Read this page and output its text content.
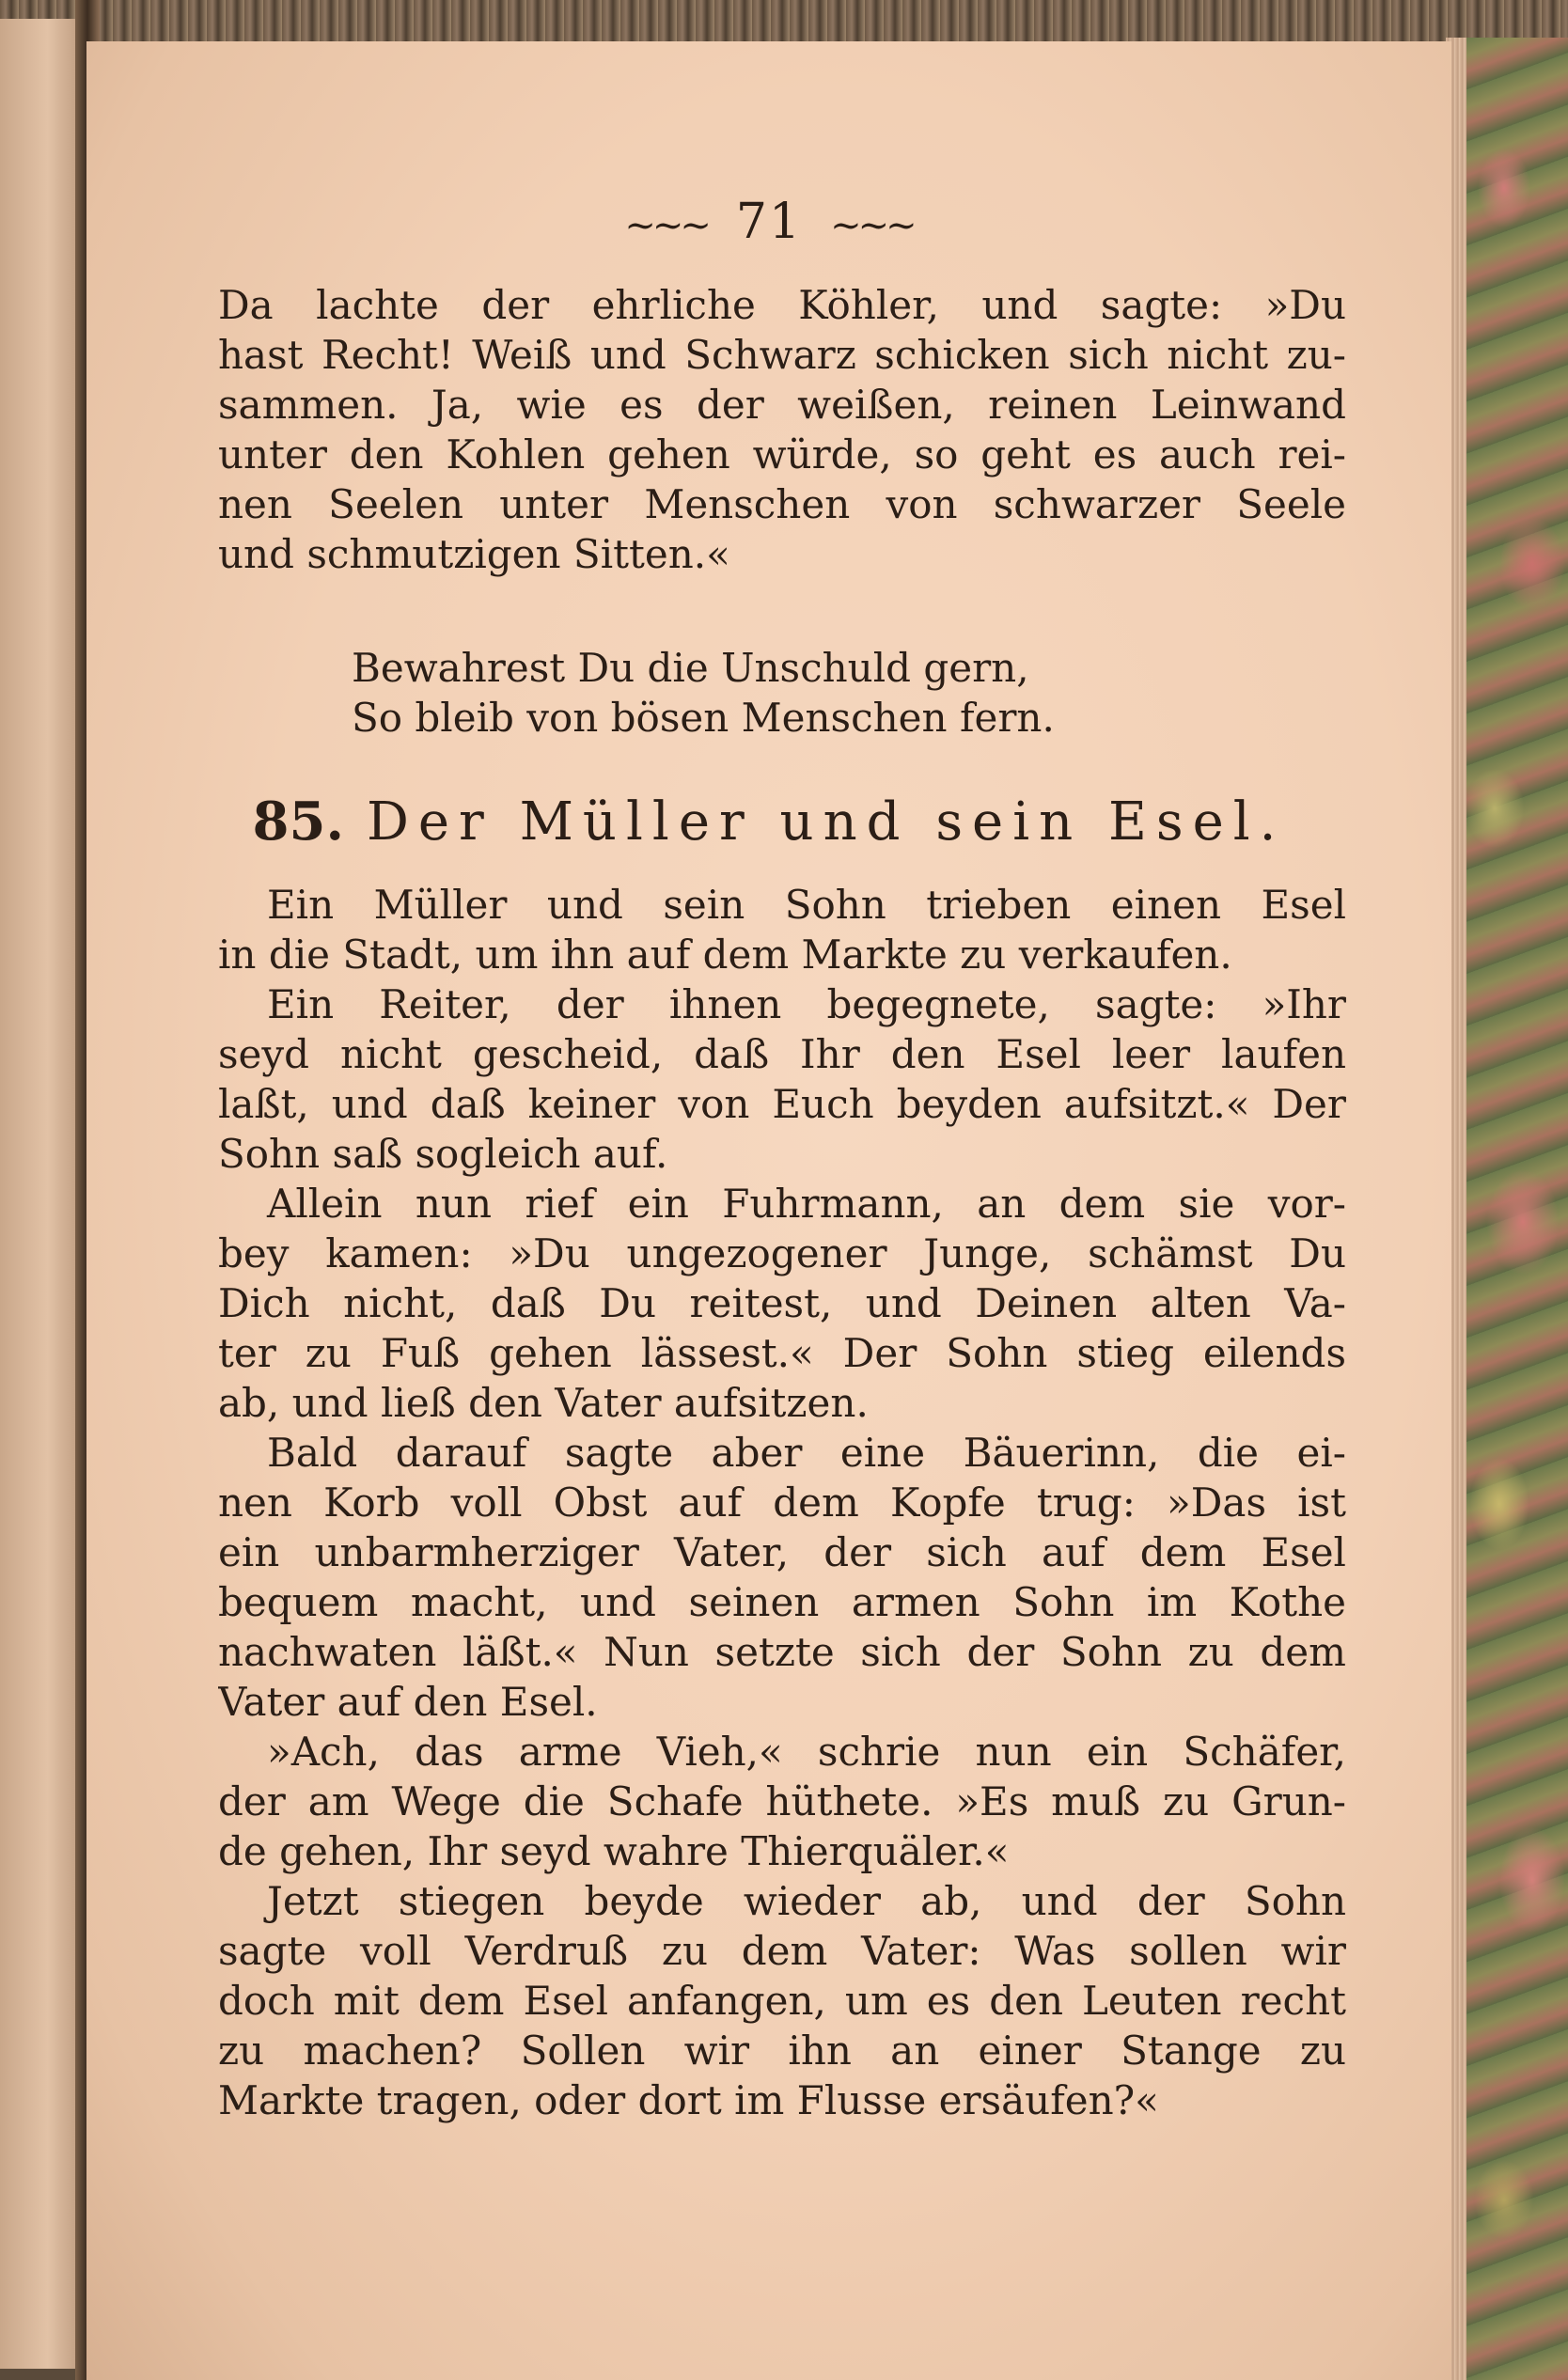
~~~ 71 ~~~
Da lachte der ehrliche Köhler, und sagte: »Du
hast Recht! Weiß und Schwarz schicken sich nicht zu-
sammen. Ja, wie es der weißen, reinen Leinwand
unter den Kohlen gehen würde, so geht es auch rei-
nen Seelen unter Menschen von schwarzer Seele
und schmutzigen Sitten.«
Bewahrest Du die Unschuld gern,
So bleib von bösen Menschen fern.
85. Der Müller und sein Esel.
Ein Müller und sein Sohn trieben einen Esel
in die Stadt, um ihn auf dem Markte zu verkaufen.
Ein Reiter, der ihnen begegnete, sagte: »Ihr
seyd nicht gescheid, daß Ihr den Esel leer laufen
laßt, und daß keiner von Euch beyden aufsitzt.« Der
Sohn saß sogleich auf.
Allein nun rief ein Fuhrmann, an dem sie vor-
bey kamen: »Du ungezogener Junge, schämst Du
Dich nicht, daß Du reitest, und Deinen alten Va-
ter zu Fuß gehen lässest.« Der Sohn stieg eilends
ab, und ließ den Vater aufsitzen.
Bald darauf sagte aber eine Bäuerinn, die ei-
nen Korb voll Obst auf dem Kopfe trug: »Das ist
ein unbarmherziger Vater, der sich auf dem Esel
bequem macht, und seinen armen Sohn im Kothe
nachwaten läßt.« Nun setzte sich der Sohn zu dem
Vater auf den Esel.
»Ach, das arme Vieh,« schrie nun ein Schäfer,
der am Wege die Schafe hüthete. »Es muß zu Grun-
de gehen, Ihr seyd wahre Thierquäler.«
Jetzt stiegen beyde wieder ab, und der Sohn
sagte voll Verdruß zu dem Vater: Was sollen wir
doch mit dem Esel anfangen, um es den Leuten recht
zu machen? Sollen wir ihn an einer Stange zu
Markte tragen, oder dort im Flusse ersäufen?«
